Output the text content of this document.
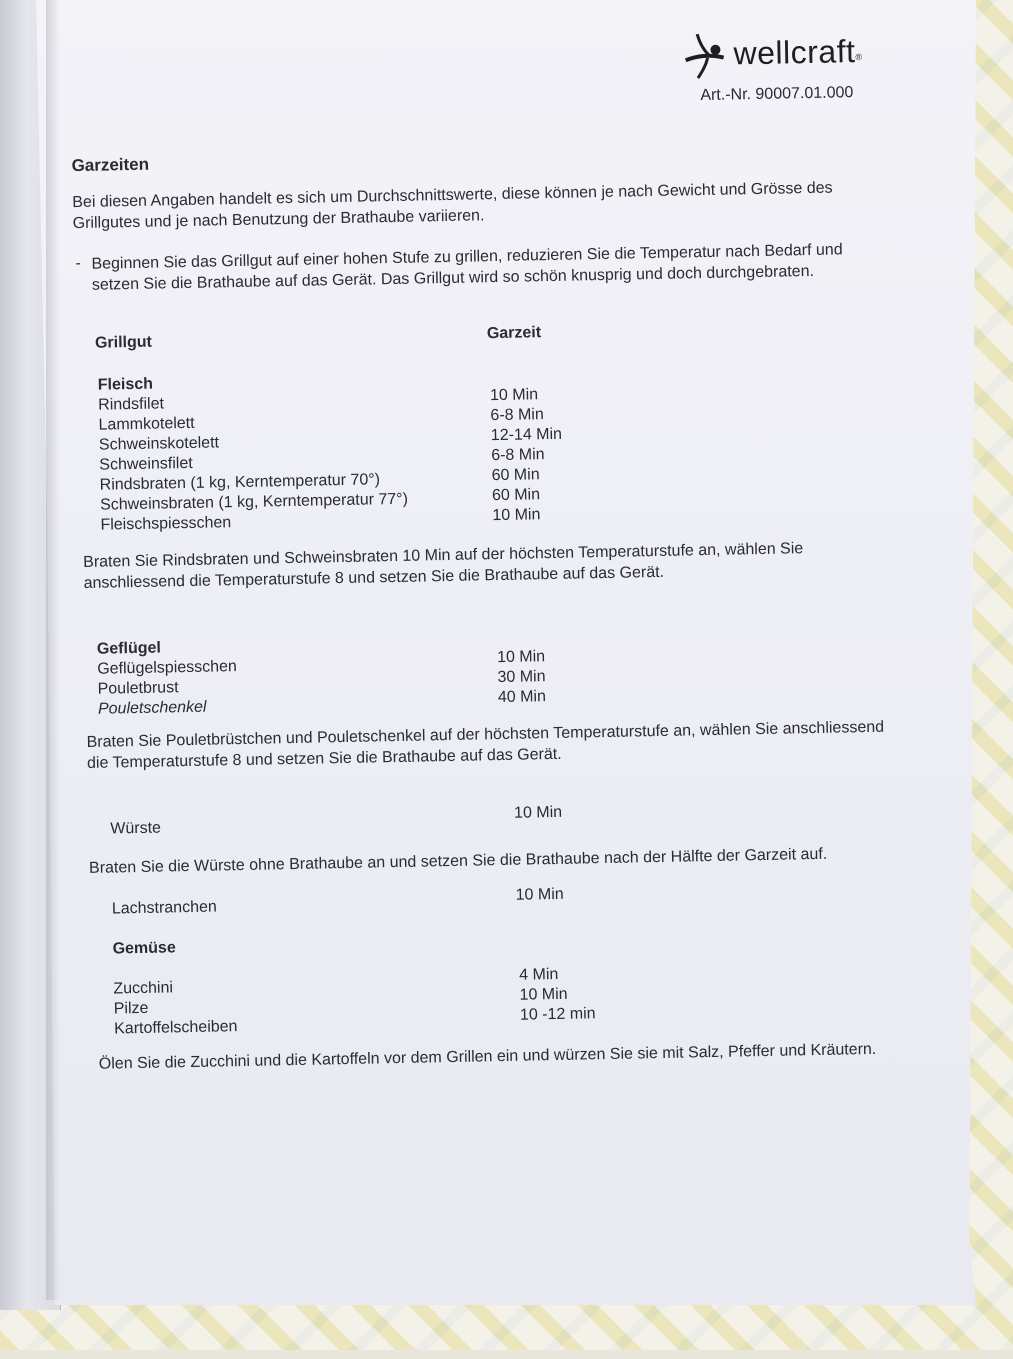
wellcraft®
Art.-Nr. 90007.01.000
Garzeiten
Bei diesen Angaben handelt es sich um Durchschnittswerte, diese können je nach Gewicht und Grösse des Grillgutes und je nach Benutzung der Brathaube variieren.
- Beginnen Sie das Grillgut auf einer hohen Stufe zu grillen, reduzieren Sie die Temperatur nach Bedarf und setzen Sie die Brathaube auf das Gerät. Das Grillgut wird so schön knusprig und doch durchgebraten.
Grillgut
Garzeit
Fleisch
Rindsfilet
Lammkotelett
Schweinskotelett
Schweinsfilet
Rindsbraten (1 kg, Kerntemperatur 70°)
Schweinsbraten (1 kg, Kerntemperatur 77°)
Fleischspiesschen
10 Min
6-8 Min
12-14 Min
6-8 Min
60 Min
60 Min
10 Min
Braten Sie Rindsbraten und Schweinsbraten 10 Min auf der höchsten Temperaturstufe an, wählen Sie anschliessend die Temperaturstufe 8 und setzen Sie die Brathaube auf das Gerät.
Geflügel
Geflügelspiesschen
Pouletbrust
Pouletschenkel
10 Min
30 Min
40 Min
Braten Sie Pouletbrüstchen und Pouletschenkel auf der höchsten Temperaturstufe an, wählen Sie anschliessend die Temperaturstufe 8 und setzen Sie die Brathaube auf das Gerät.
Würste
10 Min
Braten Sie die Würste ohne Brathaube an und setzen Sie die Brathaube nach der Hälfte der Garzeit auf.
Lachstranchen
10 Min
Gemüse
Zucchini
Pilze
Kartoffelscheiben
4 Min
10 Min
10 -12 min
Ölen Sie die Zucchini und die Kartoffeln vor dem Grillen ein und würzen Sie sie mit Salz, Pfeffer und Kräutern.
